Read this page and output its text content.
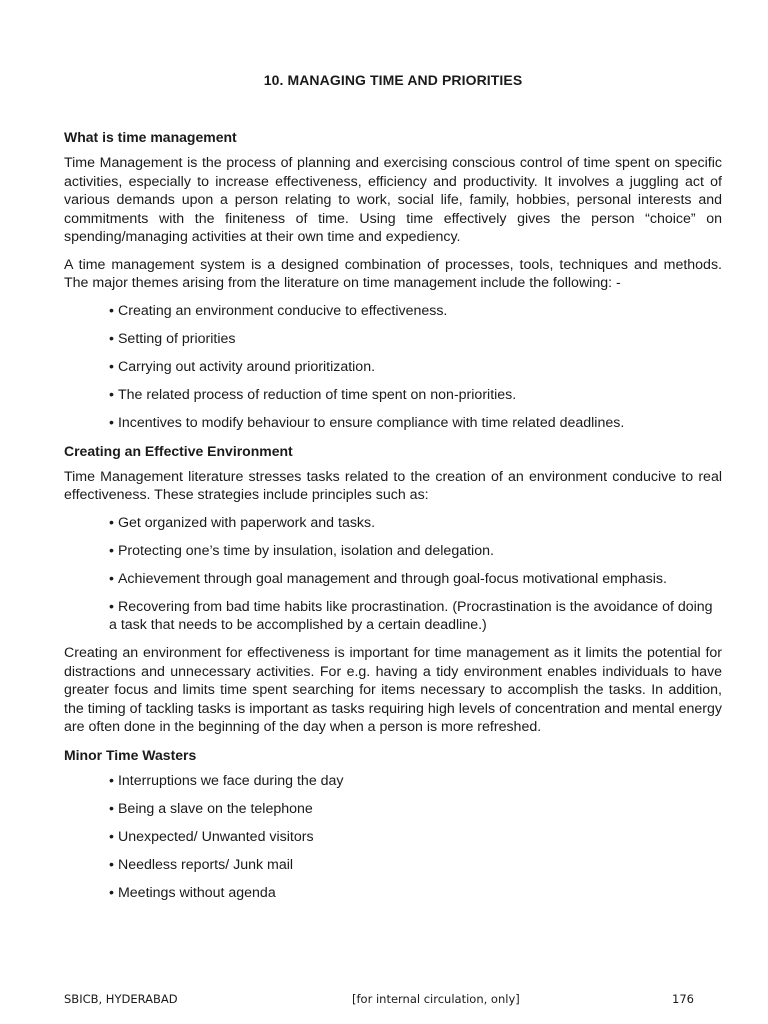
10. MANAGING TIME AND PRIORITIES
What is time management

Time Management is the process of planning and exercising conscious control of time spent on specific activities, especially to increase effectiveness, efficiency and productivity. It involves a juggling act of various demands upon a person relating to work, social life, family, hobbies, personal interests and commitments with the finiteness of time. Using time effectively gives the person “choice” on spending/managing activities at their own time and expediency.

A time management system is a designed combination of processes, tools, techniques and methods. The major themes arising from the literature on time management include the following: -

• Creating an environment conducive to effectiveness.
• Setting of priorities
• Carrying out activity around prioritization.
• The related process of reduction of time spent on non-priorities.
• Incentives to modify behaviour to ensure compliance with time related deadlines.
Creating an Effective Environment

Time Management literature stresses tasks related to the creation of an environment conducive to real effectiveness. These strategies include principles such as:

• Get organized with paperwork and tasks.
• Protecting one’s time by insulation, isolation and delegation.
• Achievement through goal management and through goal-focus motivational emphasis.
• Recovering from bad time habits like procrastination. (Procrastination is the avoidance of doing a task that needs to be accomplished by a certain deadline.)

Creating an environment for effectiveness is important for time management as it limits the potential for distractions and unnecessary activities. For e.g. having a tidy environment enables individuals to have greater focus and limits time spent searching for items necessary to accomplish the tasks. In addition, the timing of tackling tasks is important as tasks requiring high levels of concentration and mental energy are often done in the beginning of the day when a person is more refreshed.

Minor Time Wasters
• Interruptions we face during the day
• Being a slave on the telephone
• Unexpected/ Unwanted visitors
• Needless reports/ Junk mail
• Meetings without agenda
SBICB, HYDERABAD	[for internal circulation, only]	176
